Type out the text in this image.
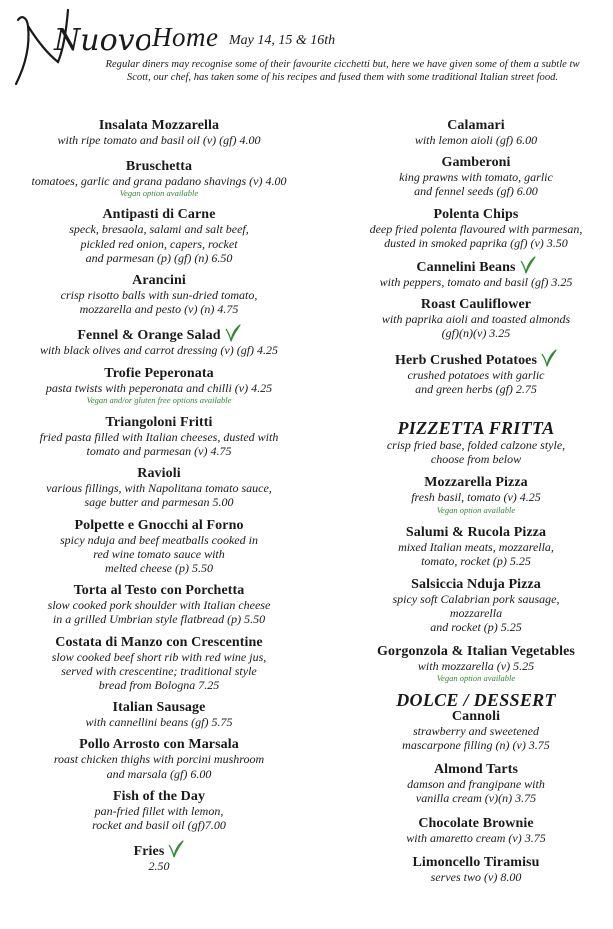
Nuov Home May 14, 15 & 16th
Regular diners may recognise some of their favourite cicchetti but, here we have given some of them a subtle tw
Scott, our chef, has taken some of his recipes and fused them with some traditional Italian street food.
Insalata Mozzarella
with ripe tomato and basil oil (v) (gf) 4.00
Bruschetta
tomatoes, garlic and grana padano shavings (v) 4.00
Vegan option available
Antipasti di Carne
speck, bresaola, salami and salt beef,
pickled red onion, capers, rocket
and parmesan (p) (gf) (n) 6.50
Arancini
crisp risotto balls with sun-dried tomato,
mozzarella and pesto (v) (n) 4.75
Fennel & Orange Salad
with black olives and carrot dressing (v) (gf) 4.25
Trofie Peperonata
pasta twists with peperonata and chilli (v) 4.25
Vegan and/or gluten free options available
Triangoloni Fritti
fried pasta filled with Italian cheeses, dusted with
tomato and parmesan (v) 4.75
Ravioli
various fillings, with Napolitana tomato sauce,
sage butter and parmesan 5.00
Polpette e Gnocchi al Forno
spicy nduja and beef meatballs cooked in
red wine tomato sauce with
melted cheese (p) 5.50
Torta al Testo con Porchetta
slow cooked pork shoulder with Italian cheese
in a grilled Umbrian style flatbread (p) 5.50
Costata di Manzo con Crescentine
slow cooked beef short rib with red wine jus,
served with crescentine; traditional style
bread from Bologna 7.25
Italian Sausage
with cannellini beans (gf) 5.75
Pollo Arrosto con Marsala
roast chicken thighs with porcini mushroom
and marsala (gf) 6.00
Fish of the Day
pan-fried fillet with lemon,
rocket and basil oil (gf)7.00
Fries
2.50
Calamari
with lemon aioli (gf) 6.00
Gamberoni
king prawns with tomato, garlic
and fennel seeds (gf) 6.00
Polenta Chips
deep fried polenta flavoured with parmesan,
dusted in smoked paprika (gf) (v) 3.50
Cannelini Beans
with peppers, tomato and basil (gf) 3.25
Roast Cauliflower
with paprika aioli and toasted almonds
(gf)(n)(v) 3.25
Herb Crushed Potatoes
crushed potatoes with garlic
and green herbs (gf) 2.75
PIZZETTA FRITTA
crisp fried base, folded calzone style,
choose from below
Mozzarella Pizza
fresh basil, tomato (v) 4.25
Vegan option available
Salumi & Rucola Pizza
mixed Italian meats, mozzarella,
tomato, rocket (p) 5.25
Salsiccia Nduja Pizza
spicy soft Calabrian pork sausage,
mozzarella
and rocket (p) 5.25
Gorgonzola & Italian Vegetables
with mozzarella (v) 5.25
Vegan option available
DOLCE / DESSERT
Cannoli
strawberry and sweetened
mascarpone filling (n) (v) 3.75
Almond Tarts
damson and frangipane with
vanilla cream (v)(n) 3.75
Chocolate Brownie
with amaretto cream (v) 3.75
Limoncello Tiramisu
serves two (v) 8.00
